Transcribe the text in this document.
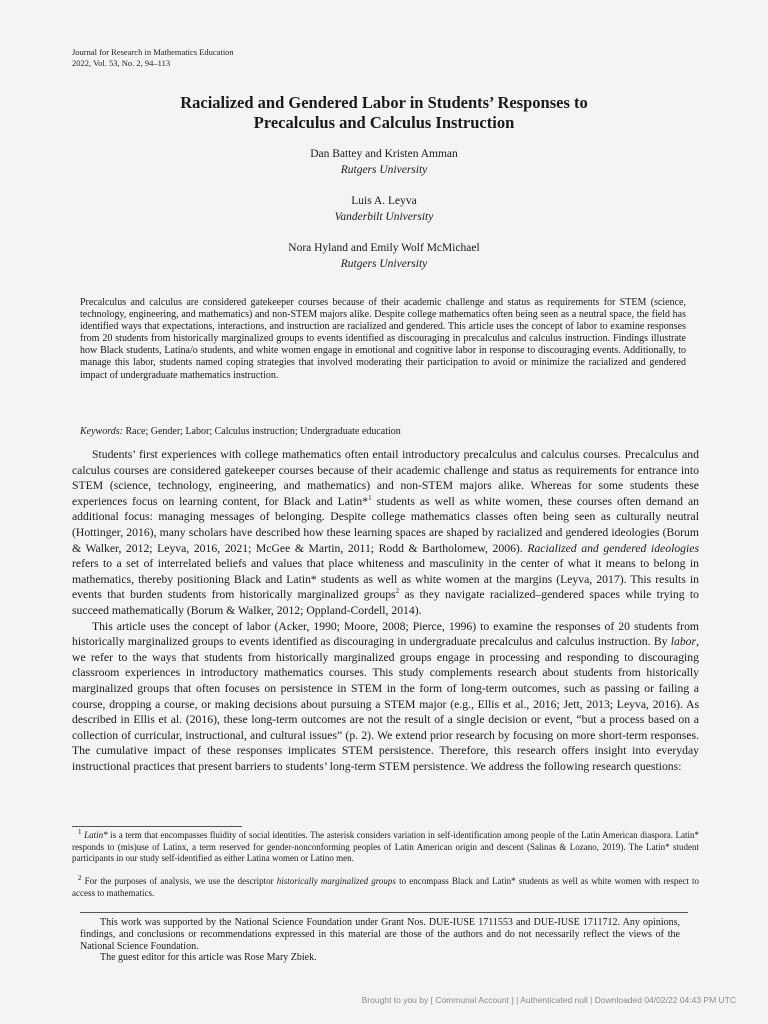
Journal for Research in Mathematics Education
2022, Vol. 53, No. 2, 94–113
Racialized and Gendered Labor in Students’ Responses to
Precalculus and Calculus Instruction
Dan Battey and Kristen Amman
Rutgers University
Luis A. Leyva
Vanderbilt University
Nora Hyland and Emily Wolf McMichael
Rutgers University

Precalculus and calculus are considered gatekeeper courses because of their academic challenge and status as requirements for STEM (science, technology, engineering, and mathematics) and non-STEM majors alike. Despite college mathematics often being seen as a neutral space, the field has identified ways that expectations, interactions, and instruction are racialized and gendered. This article uses the concept of labor to examine responses from 20 students from historically marginalized groups to events identified as discouraging in precalculus and calculus instruction. Findings illustrate how Black students, Latina/o students, and white women engage in emotional and cognitive labor in response to discouraging events. Additionally, to manage this labor, students named coping strategies that involved moderating their participation to avoid or minimize the racialized and gendered impact of undergraduate mathematics instruction.

Keywords: Race; Gender; Labor; Calculus instruction; Undergraduate education

Students’ first experiences with college mathematics often entail introductory precalculus and calculus courses. Precalculus and calculus courses are considered gatekeeper courses because of their academic challenge and status as requirements for entrance into STEM (science, technology, engineering, and mathematics) and non-STEM majors alike. Whereas for some students these experiences focus on learning content, for Black and Latin*$^1$ students as well as white women, these courses often demand an additional focus: managing messages of belonging. Despite college mathematics classes often being seen as culturally neutral (Hottinger, 2016), many scholars have described how these learning spaces are shaped by racialized and gendered ideologies (Borum & Walker, 2012; Leyva, 2016, 2021; McGee & Martin, 2011; Rodd & Bartholomew, 2006). Racialized and gendered ideologies refers to a set of interrelated beliefs and values that place whiteness and masculinity in the center of what it means to belong in mathematics, thereby positioning Black and Latin* students as well as white women at the margins (Leyva, 2017). This results in events that burden students from historically marginalized groups$^2$ as they navigate racialized–gendered spaces while trying to succeed mathematically (Borum & Walker, 2012; Oppland-Cordell, 2014).

This article uses the concept of labor (Acker, 1990; Moore, 2008; Pierce, 1996) to examine the responses of 20 students from historically marginalized groups to events identified as discouraging in undergraduate precalculus and calculus instruction. By labor, we refer to the ways that students from historically marginalized groups engage in processing and responding to discouraging classroom experiences in introductory mathematics courses. This study complements research about students from historically marginalized groups that often focuses on persistence in STEM in the form of long-term outcomes, such as passing or failing a course, dropping a course, or making decisions about pursuing a STEM major (e.g., Ellis et al., 2016; Jett, 2013; Leyva, 2016). As described in Ellis et al. (2016), these long-term outcomes are not the result of a single decision or event, “but a process based on a collection of curricular, instructional, and cultural issues” (p. 2). We extend prior research by focusing on more short-term responses. The cumulative impact of these responses implicates STEM persistence. Therefore, this research offers insight into everyday instructional practices that present barriers to students’ long-term STEM persistence. We address the following research questions:

$^1$ Latin* is a term that encompasses fluidity of social identities. The asterisk considers variation in self-identification among people of the Latin American diaspora. Latin* responds to (mis)use of Latinx, a term reserved for gender-nonconforming peoples of Latin American origin and descent (Salinas & Lozano, 2019). The Latin* student participants in our study self-identified as either Latina women or Latino men.

$^2$ For the purposes of analysis, we use the descriptor historically marginalized groups to encompass Black and Latin* students as well as white women with respect to access to mathematics.

This work was supported by the National Science Foundation under Grant Nos. DUE-IUSE 1711553 and DUE-IUSE 1711712. Any opinions, findings, and conclusions or recommendations expressed in this material are those of the authors and do not necessarily reflect the views of the National Science Foundation.

The guest editor for this article was Rose Mary Zbiek.

Brought to you by [ Communal Account ] | Authenticated null | Downloaded 04/02/22 04:43 PM UTC
